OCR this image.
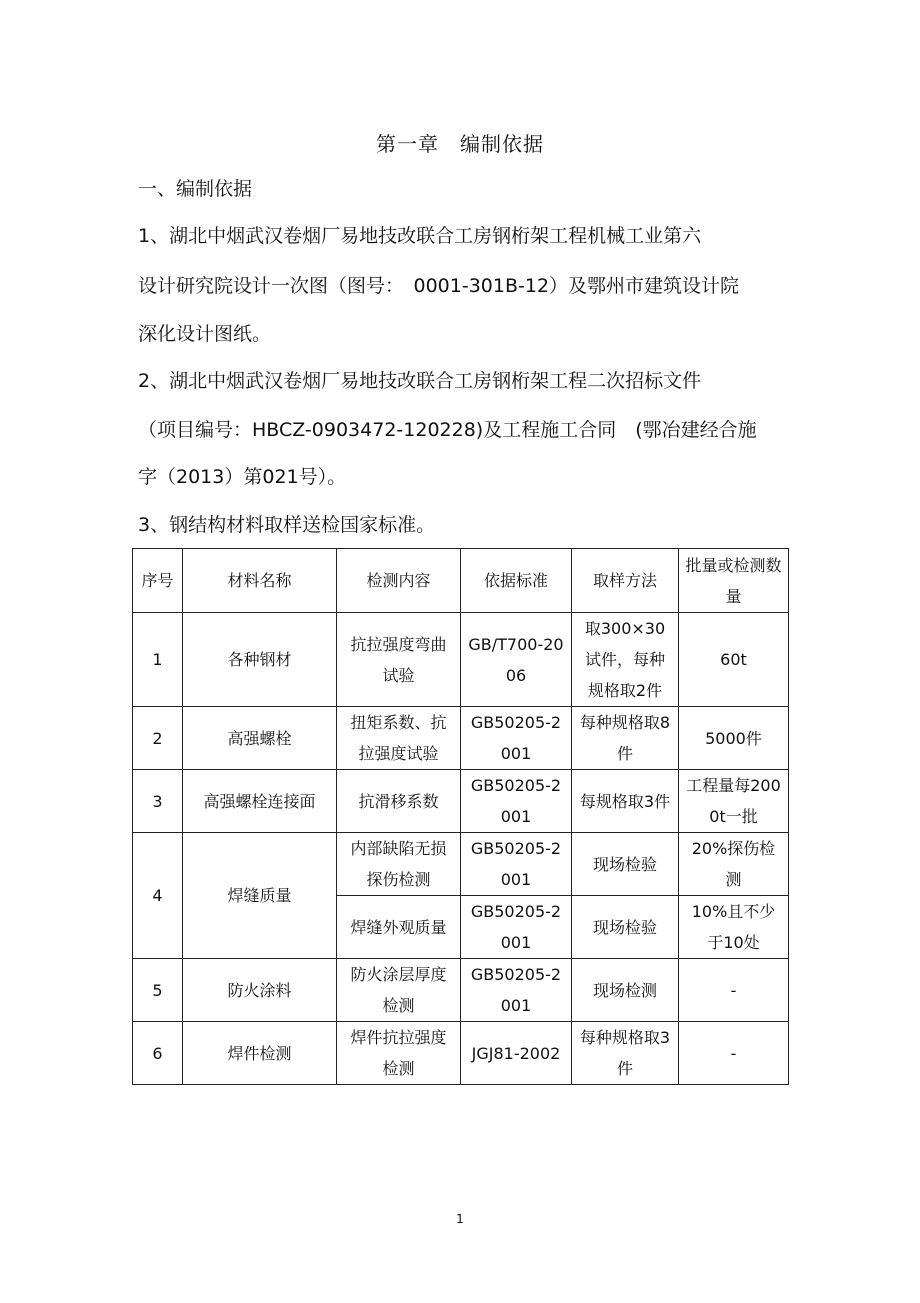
第一章　编制依据
一、编制依据
1、湖北中烟武汉卷烟厂易地技改联合工房钢桁架工程机械工业第六
设计研究院设计一次图（图号：　0001-301B-12）及鄂州市建筑设计院
深化设计图纸。
2、湖北中烟武汉卷烟厂易地技改联合工房钢桁架工程二次招标文件
（项目编号：HBCZ-0903472-120228)及工程施工合同　(鄂冶建经合施
字（2013）第021号）。
3、钢结构材料取样送检国家标准。
序号	材料名称	检测内容	依据标准	取样方法	批量或检测数量
1	各种钢材	抗拉强度弯曲试验	GB/T700-2006	取300×30试件，每种规格取2件	60t
2	高强螺栓	扭矩系数、抗拉强度试验	GB50205-2001	每种规格取8件	5000件
3	高强螺栓连接面	抗滑移系数	GB50205-2001	每规格取3件	工程量每2000t一批
4	焊缝质量	内部缺陷无损探伤检测	GB50205-2001	现场检验	20%探伤检测
		焊缝外观质量	GB50205-2001	现场检验	10%且不少于10处
5	防火涂料	防火涂层厚度检测	GB50205-2001	现场检测	-
6	焊件检测	焊件抗拉强度检测	JGJ81-2002	每种规格取3件	-
1
